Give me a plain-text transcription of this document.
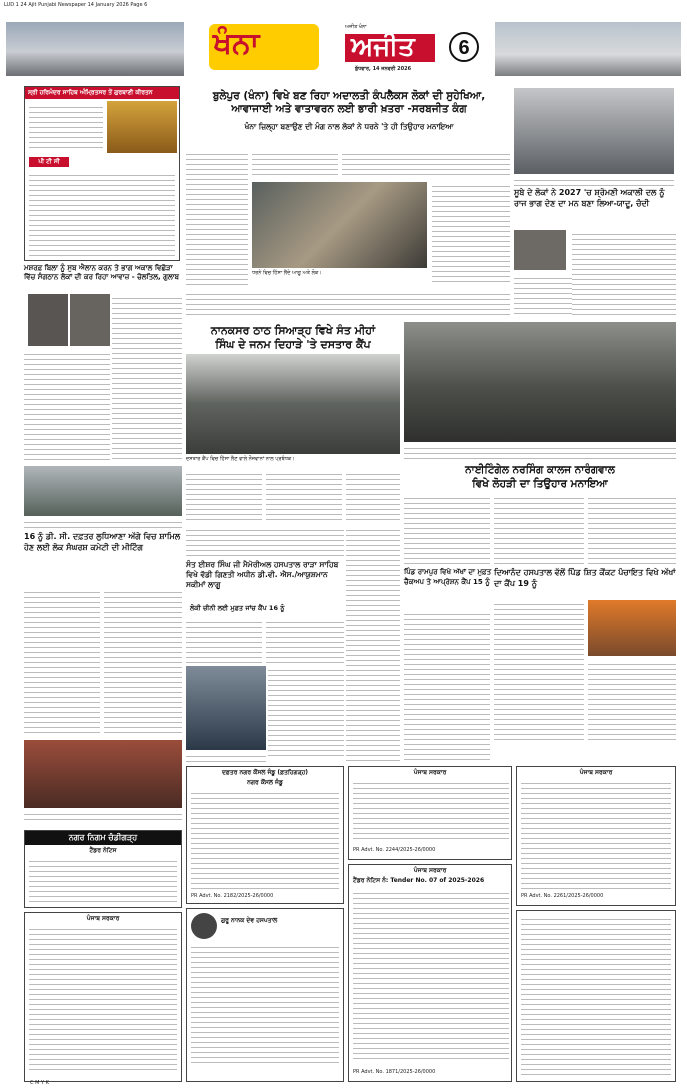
LUD 1 24 Ajit Punjabi Newspaper 14 January 2026 Page 6
ਖੰਨਾ	ਅਜੀਤ
ਅਜੀਤ ਖੰਨਾ
ਬੁੱਧਵਾਰ, 14 ਜਨਵਰੀ 2026
6
ਸ੍ਰੀ ਹਰਿਮੰਦਰ ਸਾਹਿਬ ਅੰਮ੍ਰਿਤਸਰ ਤੋਂ ਗੁਰਬਾਣੀ ਕੀਰਤਨ
ਪੀ ਟੀ ਸੀ
ਬੁਲੇਪੁਰ (ਖੰਨਾ) ਵਿਖੇ ਬਣ ਰਿਹਾ ਅਦਾਲਤੀ ਕੰਪਲੈਕਸ ਲੋਕਾਂ ਦੀ ਸੁਹੇਖਿਆ,
ਆਵਾਜਾਈ ਅਤੇ ਵਾਤਾਵਰਨ ਲਈ ਭਾਰੀ ਖ਼ਤਰਾ -ਸਰਬਜੀਤ ਕੰਗ
ਖੰਨਾ ਜ਼ਿਲ੍ਹਾ ਬਣਾਉਣ ਦੀ ਮੰਗ ਨਾਲ ਲੋਕਾਂ ਨੇ ਧਰਨੇ 'ਤੇ ਹੀ ਤਿਉਹਾਰ ਮਨਾਇਆ
ਧਰਨੇ ਵਿਚ ਹਿੱਸਾ ਲੈਂਦੇ ਆਗੂ ਅਤੇ ਲੋਕ।
ਸੂਬੇ ਦੇ ਲੋਕਾਂ ਨੇ 2027 'ਚ ਸ਼੍ਰੋਮਣੀ ਅਕਾਲੀ ਦਲ ਨੂੰ ਰਾਜ ਭਾਗ ਦੇਣ ਦਾ ਮਨ ਬਣਾ ਲਿਆ-ਯਾਦੂ, ਚੰਦੀ
ਮਸ਼ਰਫ਼ ਬਿਲਾ ਨੂੰ ਸੁਬ ਐਲਾਨ ਕਰਨ ਤੇ ਭਾਗ ਅਕਾਲ ਵਿਛੋੜਾ ਵਿੱਚ ਸੰਗਠਾਨ ਲੋਕਾਂ ਦੀ ਕਰ ਰਿਹਾ ਆਵਾਜ਼ - ਚੋਲਤਿਲ, ਗੁਲਾਬ
ਨਾਨਕਸਰ ਠਾਠ ਸਿਆੜ੍ਹ ਵਿਖੇ ਸੰਤ ਮੀਹਾਂ
ਸਿੰਘ ਦੇ ਜਨਮ ਦਿਹਾੜੇ 'ਤੇ ਦਸਤਾਰ ਕੈਂਪ
ਦਸਤਾਰ ਕੈਂਪ ਵਿਚ ਹਿੱਸਾ ਲੈਣ ਵਾਲੇ ਨੌਜਵਾਨਾਂ ਨਾਲ ਪ੍ਰਬੰਧਕ।
ਨਾਈਟਿੰਗੇਲ ਨਰਸਿੰਗ ਕਾਲਜ ਨਾਰੰਗਵਾਲ
ਵਿਖੇ ਲੋਹੜੀ ਦਾ ਤਿਉਹਾਰ ਮਨਾਇਆ
16 ਨੂੰ ਡੀ. ਸੀ. ਦਫ਼ਤਰ ਲੁਧਿਆਣਾ ਅੱਗੇ ਵਿਚ ਸ਼ਾਮਿਲ ਹੋਣ ਲਈ ਲੋਕ ਸੰਘਰਸ਼ ਕਮੇਟੀ ਦੀ ਮੀਟਿੰਗ
ਸੰਤ ਈਸ਼ਰ ਸਿੰਘ ਜੀ ਮੈਮੋਰੀਅਲ ਹਸਪਤਾਲ ਰਾੜਾ ਸਾਹਿਬ ਵਿਖੇ ਵੱਡੀ ਗਿਣਤੀ ਅਧੀਨ ਡੀ.ਵੀ. ਐਸ./ਆਯੁਸ਼ਮਾਨ ਸਕੀਮਾਂ ਲਾਗੂ
ਲੋਕੀ ਚੀਨੀ ਲਈ ਮੁਫ਼ਤ ਜਾਂਚ ਕੈਂਪ 16 ਨੂੰ
ਪਿੰਡ ਰਾਮਪੁਰ ਵਿਖੇ ਅੱਖਾਂ ਦਾ ਮੁਫ਼ਤ ਚੈੱਕਅਪ ਤੇ ਆਪ੍ਰੇਸ਼ਨ ਕੈਂਪ 15 ਨੂੰ
ਦਿਆਨੰਦ ਹਸਪਤਾਲ ਵੱਲੋਂ ਪਿੰਡ ਸ਼ਿਤ ਕੌਂਕਟ ਪੰਚਾਇਤ ਵਿਖੇ ਅੱਖਾਂ ਦਾ ਕੈਂਪ 19 ਨੂੰ
ਨਗਰ ਨਿਗਮ ਚੰਡੀਗੜ੍ਹ
ਟੈਂਡਰ ਨੋਟਿਸ
ਪੰਜਾਬ ਸਰਕਾਰ
ਦਫ਼ਤਰ ਨਗਰ ਕੌਂਸਲ ਜੰਡੂ (ਫ਼ਤਹਿਗੜ੍ਹ)
ਨਗਰ ਕੌਂਸਲ ਜੰਡੂ
PR Advt. No. 2182/2025-26/0000
ਗੁਰੂ ਨਾਨਕ ਦੇਵ ਹਸਪਤਾਲ
ਪੰਜਾਬ ਸਰਕਾਰ
PR Advt. No. 2244/2025-26/0000
ਪੰਜਾਬ ਸਰਕਾਰ
ਟੈਂਡਰ ਨੋਟਿਸ ਨੰ: Tender No. 07 of 2025-2026
PR Advt. No. 1871/2025-26/0000
ਪੰਜਾਬ ਸਰਕਾਰ
PR Advt. No. 2261/2025-26/0000
C M Y K
